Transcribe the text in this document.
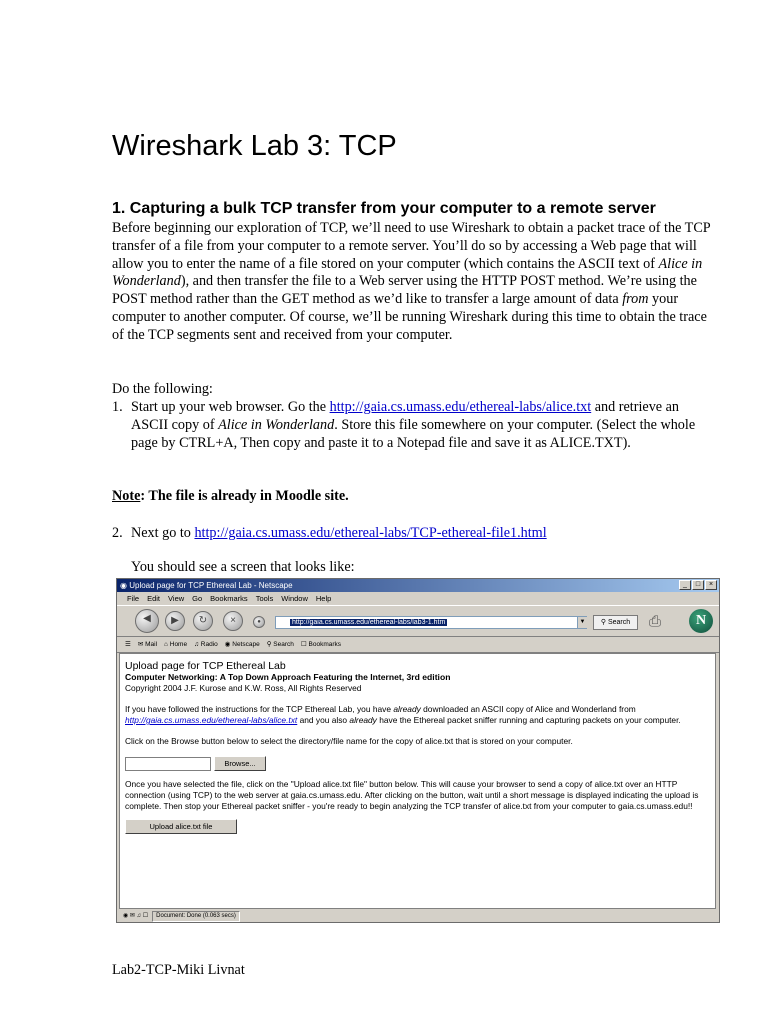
Wireshark Lab 3: TCP
1. Capturing a bulk TCP transfer from your computer to a remote server

Before beginning our exploration of TCP, we’ll need to use Wireshark to obtain a packet trace of the TCP transfer of a file from your computer to a remote server. You’ll do so by accessing a Web page that will allow you to enter the name of a file stored on your computer (which contains the ASCII text of Alice in Wonderland), and then transfer the file to a Web server using the HTTP POST method. We’re using the POST method rather than the GET method as we’d like to transfer a large amount of data from your computer to another computer. Of course, we’ll be running Wireshark during this time to obtain the trace of the TCP segments sent and received from your computer.

Do the following:

1. Start up your web browser. Go the http://gaia.cs.umass.edu/ethereal-labs/alice.txt and retrieve an ASCII copy of Alice in Wonderland. Store this file somewhere on your computer. (Select the whole page by CTRL+A, Then copy and paste it to a Notepad file and save it as ALICE.TXT).

Note: The file is already in Moodle site.

2. Next go to http://gaia.cs.umass.edu/ethereal-labs/TCP-ethereal-file1.html

You should see a screen that looks like:

◉ Upload page for TCP Ethereal Lab - Netscape	_	□	×
File Edit View Go Bookmarks Tools Window Help
◀	▶	↻	×	●	http://gaia.cs.umass.edu/ethereal-labs/lab3-1.htm	▼	⚲ Search	⎙	N
☰ ✉ Mail ⌂ Home ♫ Radio ◉ Netscape ⚲ Search ☐ Bookmarks

Upload page for TCP Ethereal Lab

Computer Networking: A Top Down Approach Featuring the Internet, 3rd edition

Copyright 2004 J.F. Kurose and K.W. Ross, All Rights Reserved

If you have followed the instructions for the TCP Ethereal Lab, you have already downloaded an ASCII copy of Alice and Wonderland from http://gaia.cs.umass.edu/ethereal-labs/alice.txt and you also already have the Ethereal packet sniffer running and capturing packets on your computer.

Click on the Browse button below to select the directory/file name for the copy of alice.txt that is stored on your computer.

Browse...

Once you have selected the file, click on the "Upload alice.txt file" button below. This will cause your browser to send a copy of alice.txt over an HTTP connection (using TCP) to the web server at gaia.cs.umass.edu. After clicking on the button, wait until a short message is displayed indicating the upload is complete. Then stop your Ethereal packet sniffer - you're ready to begin analyzing the TCP transfer of alice.txt from your computer to gaia.cs.umass.edu!!

Upload alice.txt file
◉ ✉ ♫ ☐	Document: Done (0.063 secs)

Lab2-TCP-Miki Livnat
